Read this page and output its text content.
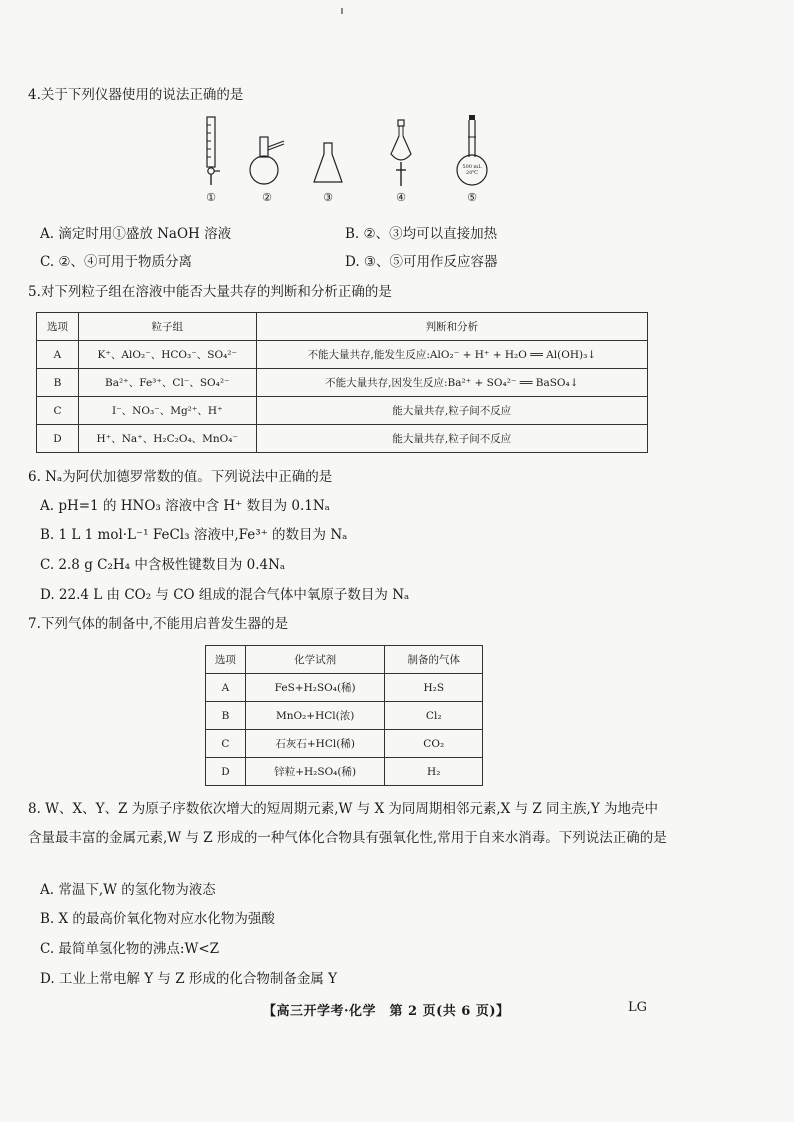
4.关于下列仪器使用的说法正确的是
500 mL
20℃
①	②	③	④	⑤
A. 滴定时用①盛放 NaOH 溶液	B. ②、③均可以直接加热
C. ②、④可用于物质分离	D. ③、⑤可用作反应容器
5.对下列粒子组在溶液中能否大量共存的判断和分析正确的是
选项	粒子组	判断和分析
A	K⁺、AlO₂⁻、HCO₃⁻、SO₄²⁻	不能大量共存,能发生反应:AlO₂⁻ + H⁺ + H₂O ══ Al(OH)₃↓
B	Ba²⁺、Fe³⁺、Cl⁻、SO₄²⁻	不能大量共存,因发生反应:Ba²⁺ + SO₄²⁻ ══ BaSO₄↓
C	I⁻、NO₃⁻、Mg²⁺、H⁺	能大量共存,粒子间不反应
D	H⁺、Na⁺、H₂C₂O₄、MnO₄⁻	能大量共存,粒子间不反应
6. Nₐ为阿伏加德罗常数的值。下列说法中正确的是
A. pH=1 的 HNO₃ 溶液中含 H⁺ 数目为 0.1Nₐ
B. 1 L 1 mol·L⁻¹ FeCl₃ 溶液中,Fe³⁺ 的数目为 Nₐ
C. 2.8 g C₂H₄ 中含极性键数目为 0.4Nₐ
D. 22.4 L 由 CO₂ 与 CO 组成的混合气体中氧原子数目为 Nₐ
7.下列气体的制备中,不能用启普发生器的是
选项	化学试剂	制备的气体
A	FeS+H₂SO₄(稀)	H₂S
B	MnO₂+HCl(浓)	Cl₂
C	石灰石+HCl(稀)	CO₂
D	锌粒+H₂SO₄(稀)	H₂
8. W、X、Y、Z 为原子序数依次增大的短周期元素,W 与 X 为同周期相邻元素,X 与 Z 同主族,Y 为地壳中含量最丰富的金属元素,W 与 Z 形成的一种气体化合物具有强氧化性,常用于自来水消毒。下列说法正确的是
A. 常温下,W 的氢化物为液态
B. X 的最高价氧化物对应水化物为强酸
C. 最简单氢化物的沸点:W<Z
D. 工业上常电解 Y 与 Z 形成的化合物制备金属 Y
【高三开学考·化学　第 2 页(共 6 页)】	LG
